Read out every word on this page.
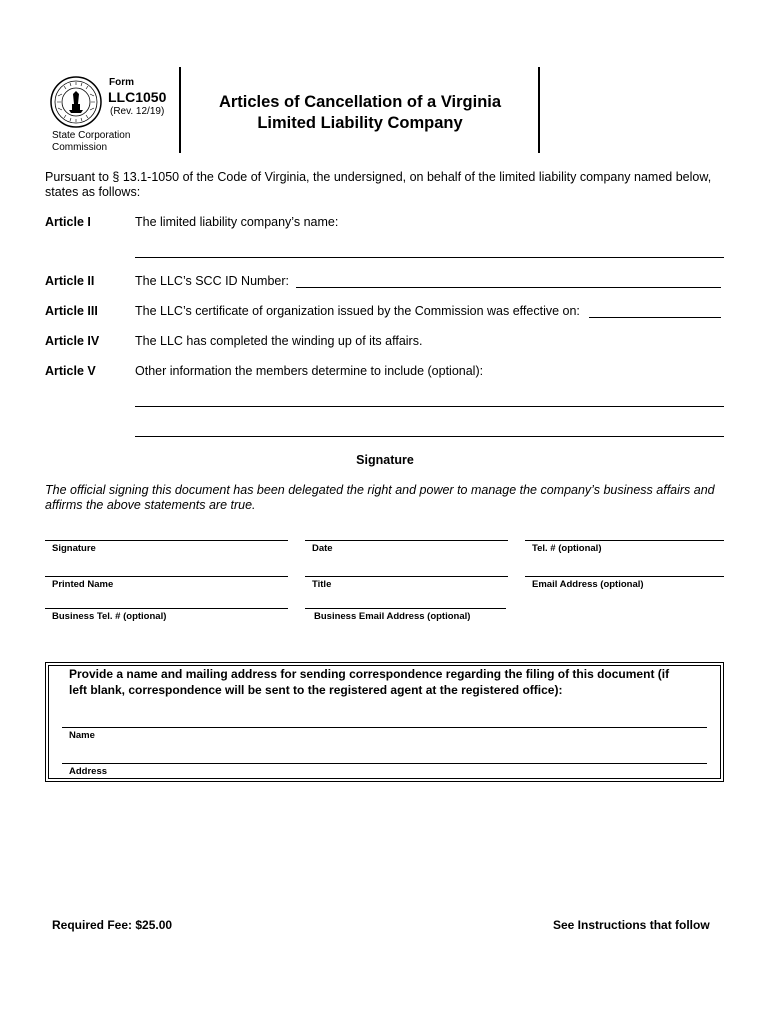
Form
LLC1050
(Rev. 12/19)
State Corporation
Commission
Articles of Cancellation of a Virginia
Limited Liability Company
Pursuant to § 13.1-1050 of the Code of Virginia, the undersigned, on behalf of the limited liability company named below,
states as follows:
Article I	The limited liability company’s name:
Article II	The LLC’s SCC ID Number:
Article III	The LLC’s certificate of organization issued by the Commission was effective on:
Article IV	The LLC has completed the winding up of its affairs.
Article V	Other information the members determine to include (optional):
Signature
The official signing this document has been delegated the right and power to manage the company’s business affairs and
affirms the above statements are true.
Signature	Date	Tel. # (optional)
Printed Name	Title	Email Address (optional)
Business Tel. # (optional)	Business Email Address (optional)
Provide a name and mailing address for sending correspondence regarding the filing of this document (if
left blank, correspondence will be sent to the registered agent at the registered office):
Name
Address
Required Fee: $25.00	See Instructions that follow
